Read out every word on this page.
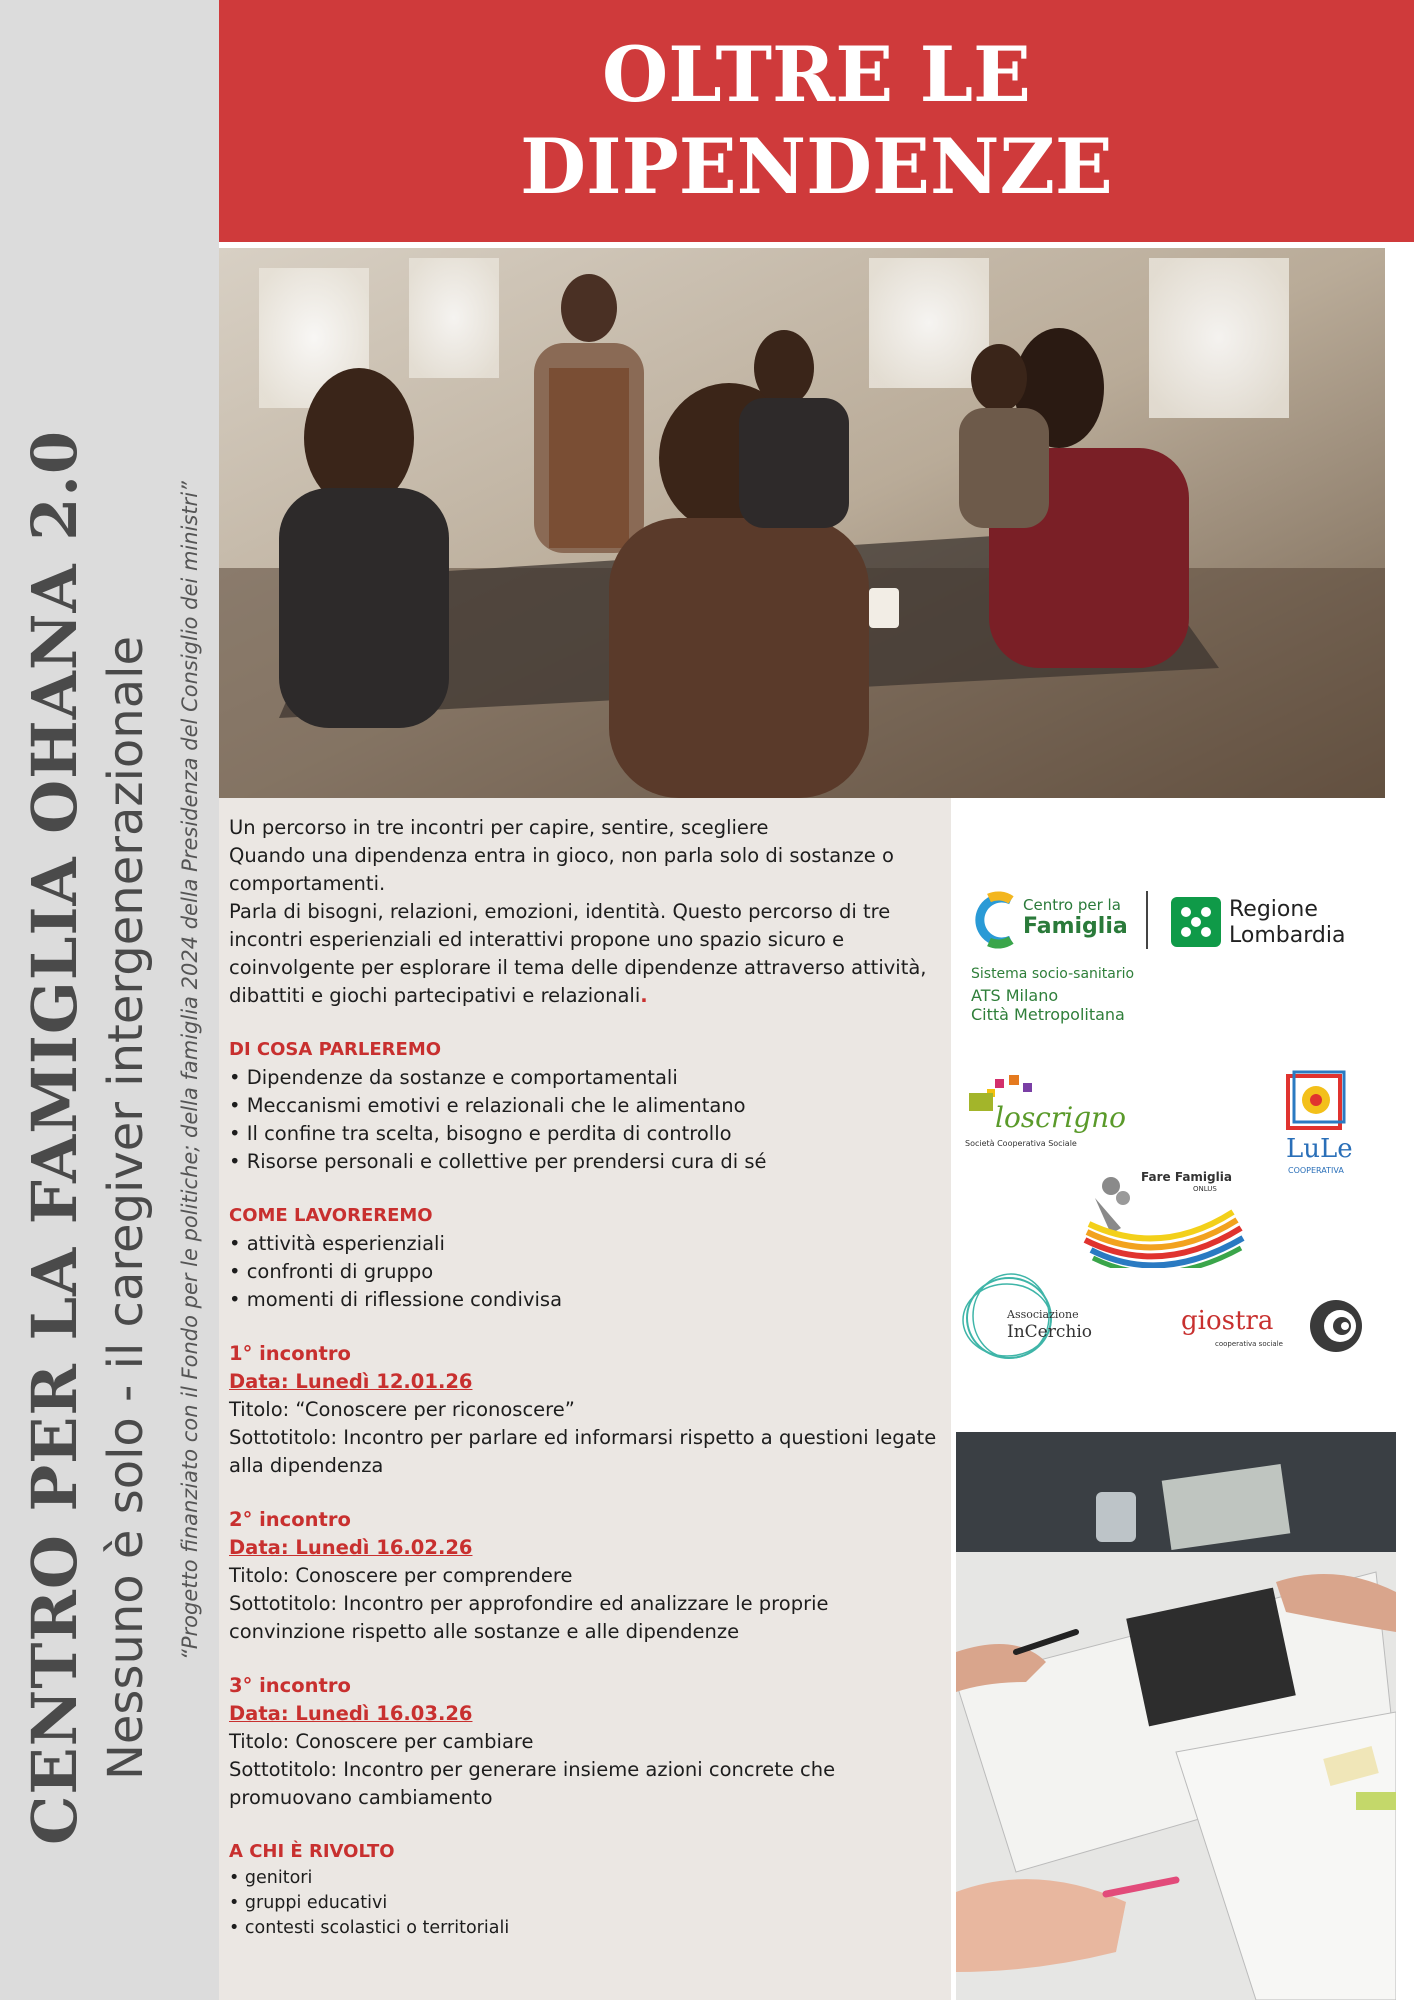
CENTRO PER LA FAMIGLIA OHANA 2.0 Nessuno è solo - il caregiver intergenerazionale “Progetto finanziato con il Fondo per le politiche; della famiglia 2024 della Presidenza del Consiglio dei ministri”
OLTRE LE
DIPENDENZE

Un percorso in tre incontri per capire, sentire, scegliere

Quando una dipendenza entra in gioco, non parla solo di sostanze o comportamenti.

Parla di bisogni, relazioni, emozioni, identità. Questo percorso di tre incontri esperienziali ed interattivi propone uno spazio sicuro e coinvolgente per esplorare il tema delle dipendenze attraverso attività, dibattiti e giochi partecipativi e relazionali.

DI COSA PARLEREMO
• Dipendenze da sostanze e comportamentali
• Meccanismi emotivi e relazionali che le alimentano
• Il confine tra scelta, bisogno e perdita di controllo
• Risorse personali e collettive per prendersi cura di sé
COME LAVOREREMO
• attività esperienziali
• confronti di gruppo
• momenti di riflessione condivisa
1° incontro
Data: Lunedì 12.01.26
Titolo: “Conoscere per riconoscere”
Sottotitolo: Incontro per parlare ed informarsi rispetto a questioni legate alla dipendenza
2° incontro
Data: Lunedì 16.02.26
Titolo: Conoscere per comprendere
Sottotitolo: Incontro per approfondire ed analizzare le proprie convinzione rispetto alle sostanze e alle dipendenze
3° incontro
Data: Lunedì 16.03.26
Titolo: Conoscere per cambiare
Sottotitolo: Incontro per generare insieme azioni concrete che promuovano cambiamento
A CHI È RIVOLTO
• genitori
• gruppi educativi
• contesti scolastici o territoriali
Centro per la
Famiglia
Regione
Lombardia
Sistema socio-sanitario
ATS Milano
Città Metropolitana
loscrigno
Società Cooperativa Sociale	LuLe
COOPERATIVA
Fare Famiglia
ONLUS
Associazione
InCerchio	giostra
cooperativa sociale
